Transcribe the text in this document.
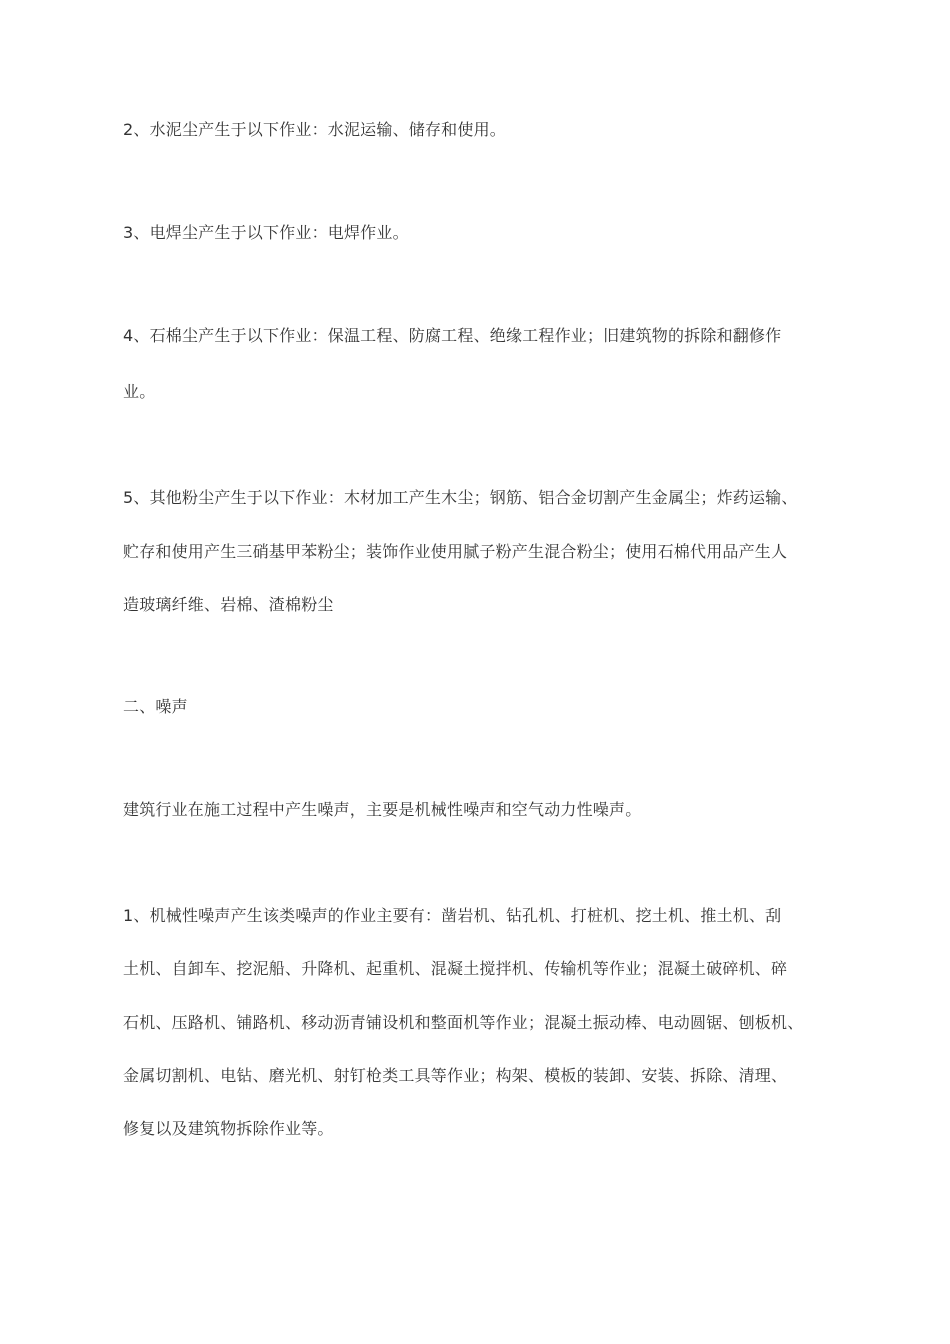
2、水泥尘产生于以下作业：水泥运输、储存和使用。
3、电焊尘产生于以下作业：电焊作业。
4、石棉尘产生于以下作业：保温工程、防腐工程、绝缘工程作业；旧建筑物的拆除和翻修作
业。
5、其他粉尘产生于以下作业：木材加工产生木尘；钢筋、铝合金切割产生金属尘；炸药运输、
贮存和使用产生三硝基甲苯粉尘；装饰作业使用腻子粉产生混合粉尘；使用石棉代用品产生人
造玻璃纤维、岩棉、渣棉粉尘
二、噪声
建筑行业在施工过程中产生噪声，主要是机械性噪声和空气动力性噪声。
1、机械性噪声产生该类噪声的作业主要有：凿岩机、钻孔机、打桩机、挖土机、推土机、刮
土机、自卸车、挖泥船、升降机、起重机、混凝土搅拌机、传输机等作业；混凝土破碎机、碎
石机、压路机、铺路机、移动沥青铺设机和整面机等作业；混凝土振动棒、电动圆锯、刨板机、
金属切割机、电钻、磨光机、射钉枪类工具等作业；构架、模板的装卸、安装、拆除、清理、
修复以及建筑物拆除作业等。
